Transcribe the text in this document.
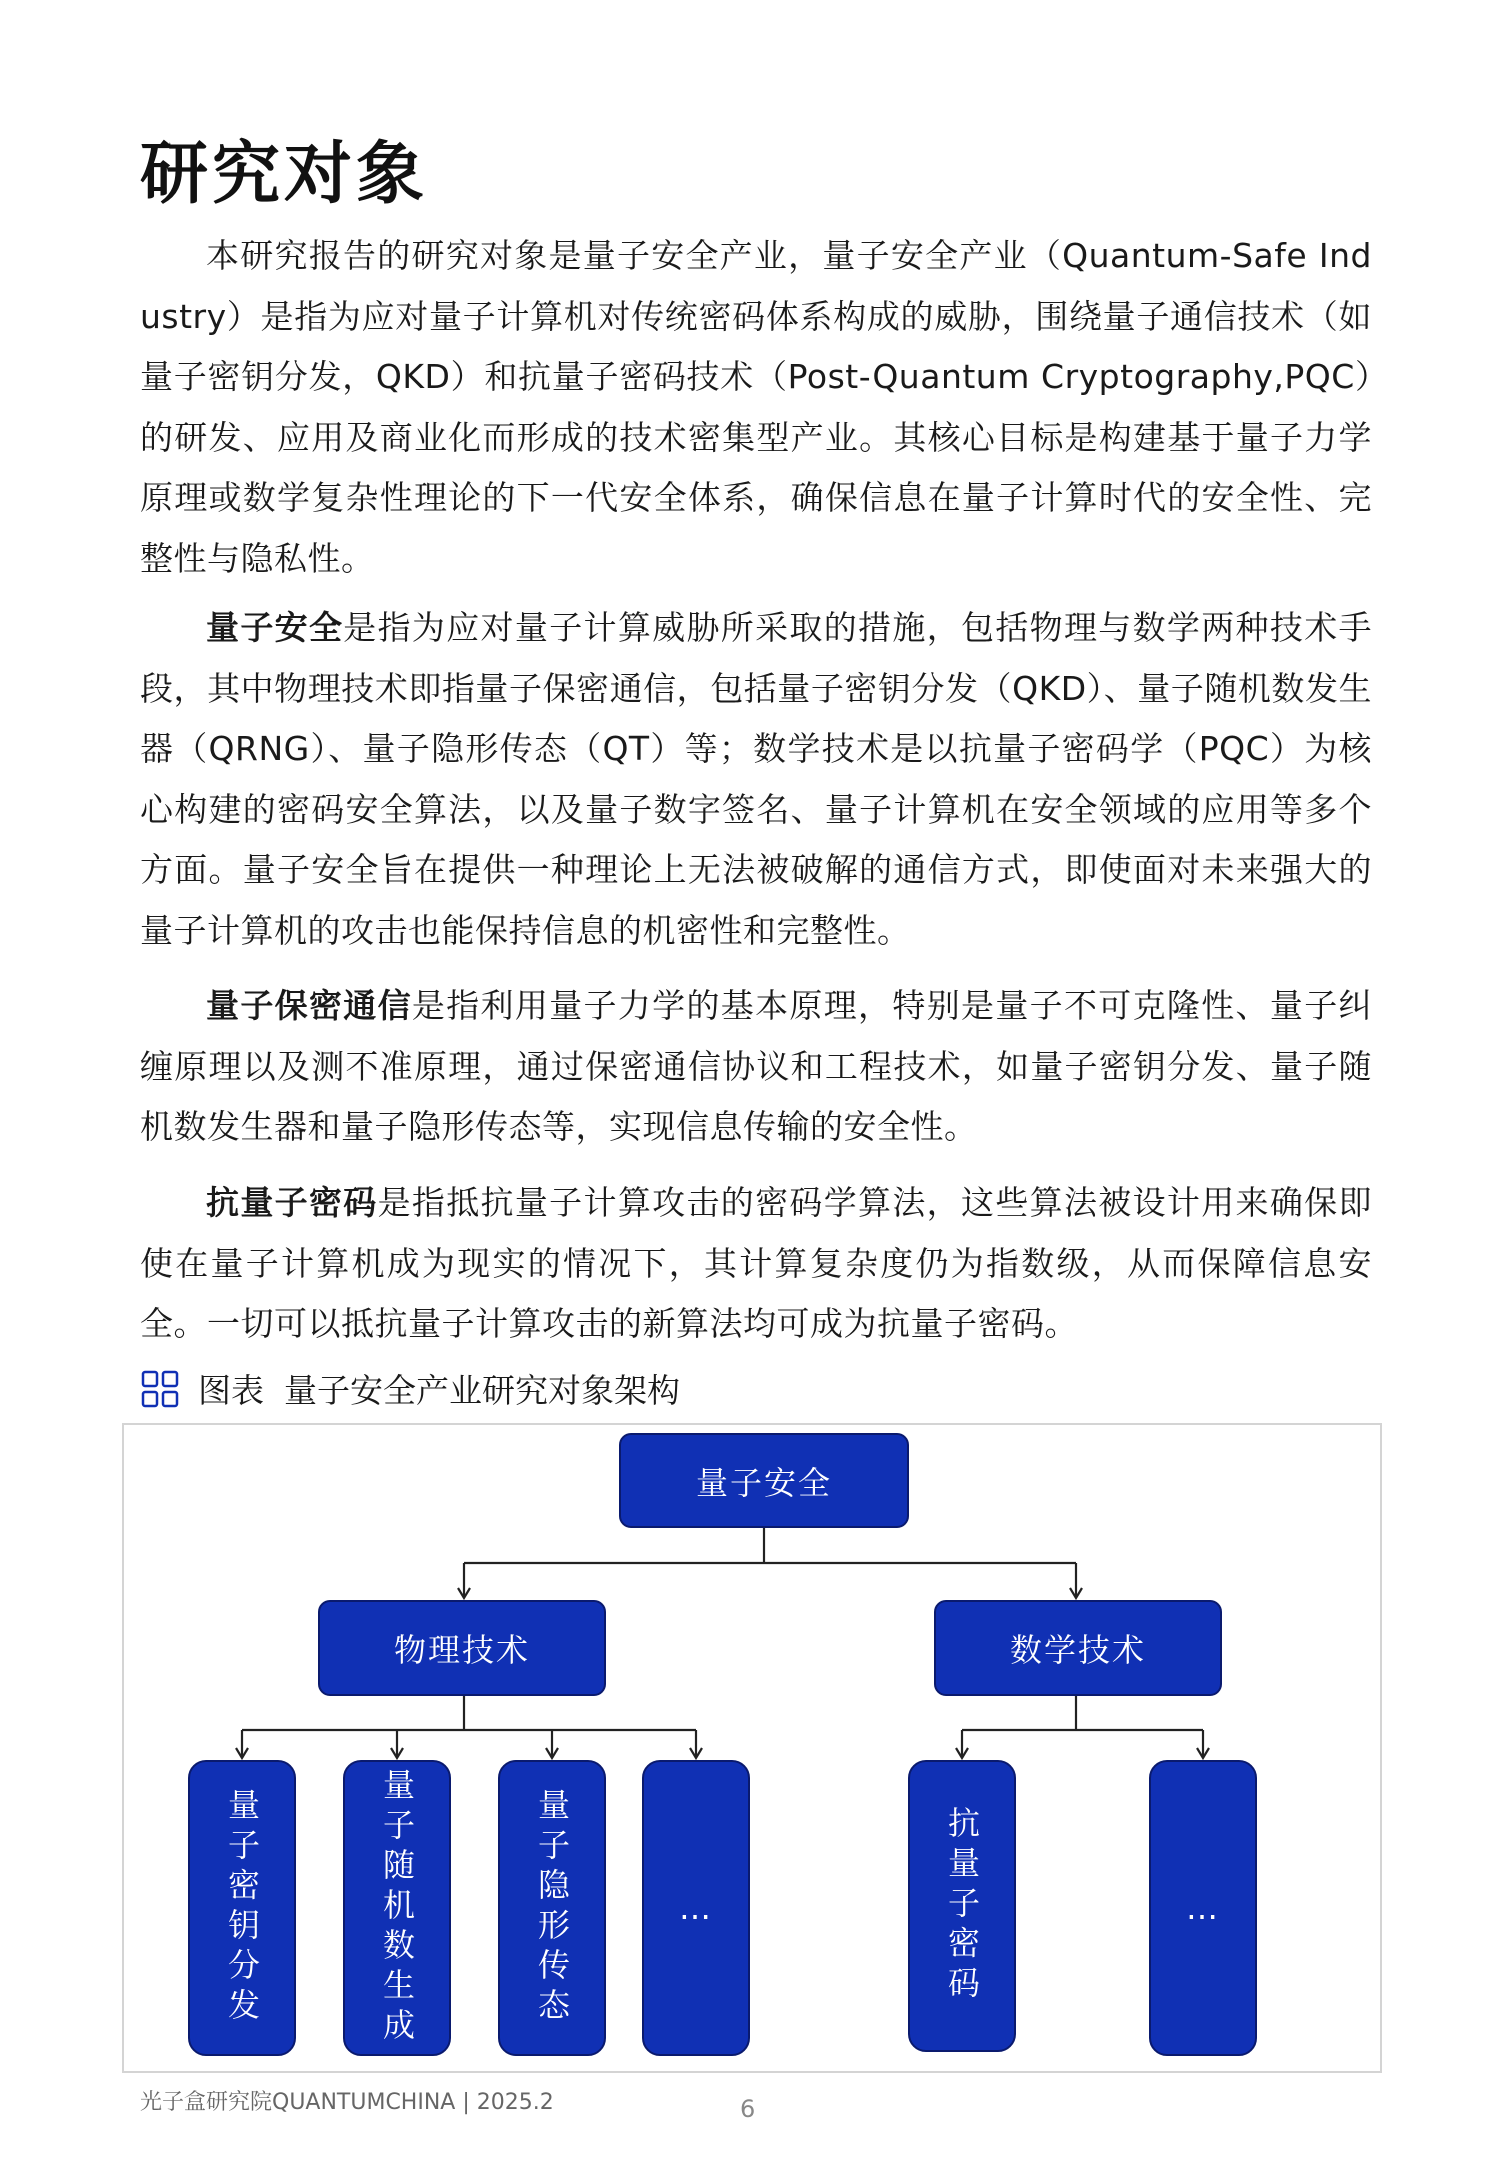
研究对象

本研究报告的研究对象是量子安全产业，量子安全产业（Quantum-Safe Industry）是指为应对量子计算机对传统密码体系构成的威胁，围绕量子通信技术（如量子密钥分发，QKD）和抗量子密码技术（Post-Quantum Cryptography,PQC）的研发、应用及商业化而形成的技术密集型产业。其核心目标是构建基于量子力学原理或数学复杂性理论的下一代安全体系，确保信息在量子计算时代的安全性、完整性与隐私性。

量子安全是指为应对量子计算威胁所采取的措施，包括物理与数学两种技术手段，其中物理技术即指量子保密通信，包括量子密钥分发（QKD）、量子随机数发生器（QRNG）、量子隐形传态（QT）等；数学技术是以抗量子密码学（PQC）为核心构建的密码安全算法，以及量子数字签名、量子计算机在安全领域的应用等多个方面。量子安全旨在提供一种理论上无法被破解的通信方式，即使面对未来强大的量子计算机的攻击也能保持信息的机密性和完整性。

量子保密通信是指利用量子力学的基本原理，特别是量子不可克隆性、量子纠缠原理以及测不准原理，通过保密通信协议和工程技术，如量子密钥分发、量子随机数发生器和量子隐形传态等，实现信息传输的安全性。

抗量子密码是指抵抗量子计算攻击的密码学算法，这些算法被设计用来确保即使在量子计算机成为现实的情况下，其计算复杂度仍为指数级，从而保障信息安全。一切可以抵抗量子计算攻击的新算法均可成为抗量子密码。

图表 量子安全产业研究对象架构
量子安全
物理技术	数学技术
量子密钥分发	量子随机数生成	量子隐形传态	…	抗量子密码	…
光子盒研究院QUANTUMCHINA | 2025.2	6
